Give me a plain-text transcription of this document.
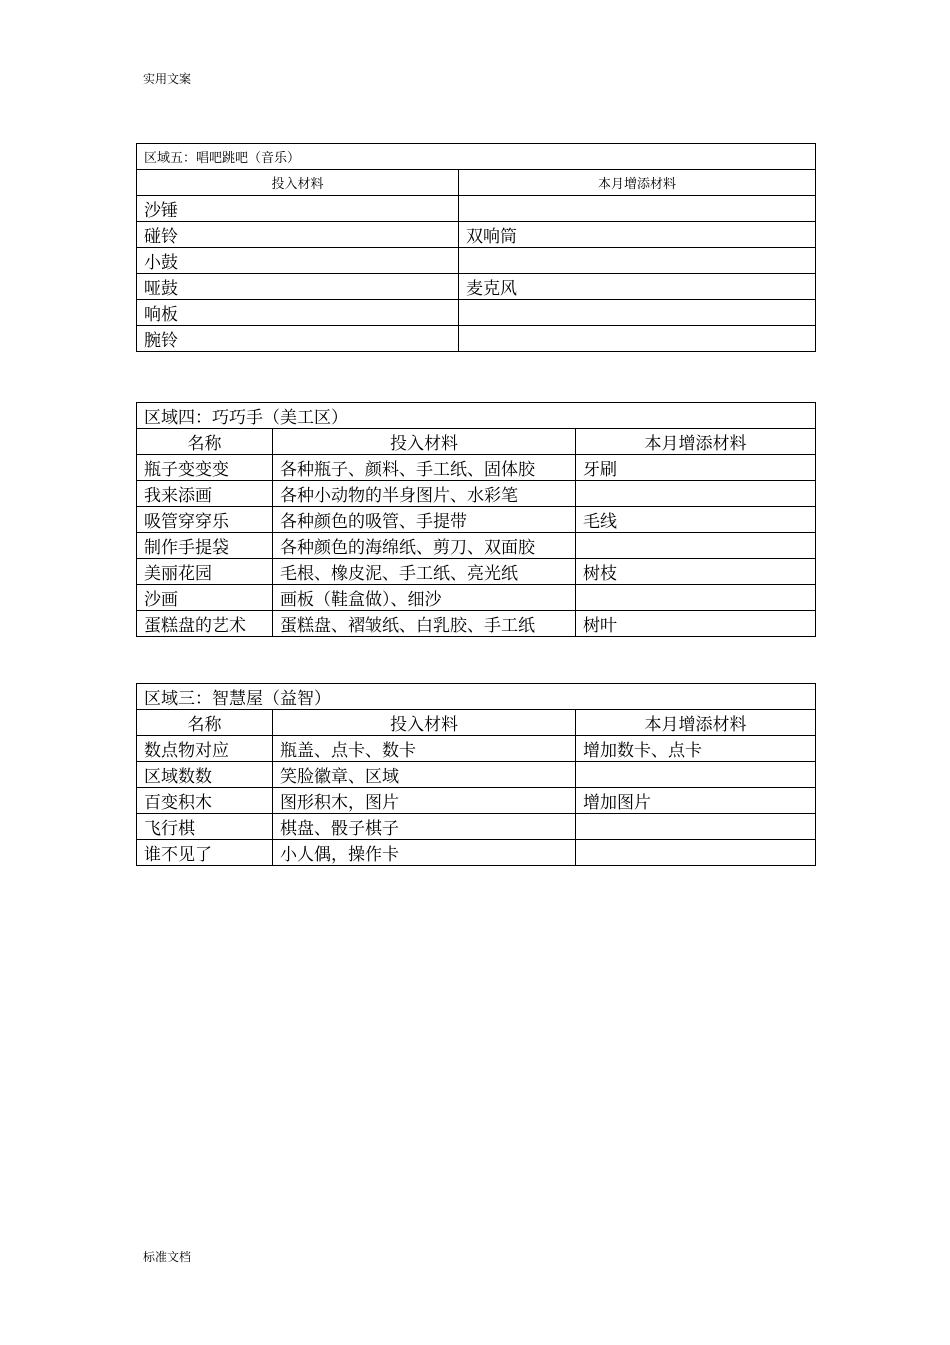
实用文案
区域五：唱吧跳吧（音乐）	
投入材料	本月增添材料
沙锤	
碰铃	双响筒
小鼓	
哑鼓	麦克风
响板	
腕铃	
区域四：巧巧手（美工区）		
名称	投入材料	本月增添材料
瓶子变变变	各种瓶子、颜料、手工纸、固体胶	牙刷
我来添画	各种小动物的半身图片、水彩笔	
吸管穿穿乐	各种颜色的吸管、手提带	毛线
制作手提袋	各种颜色的海绵纸、剪刀、双面胶	
美丽花园	毛根、橡皮泥、手工纸、亮光纸	树枝
沙画	画板（鞋盒做）、细沙	
蛋糕盘的艺术	蛋糕盘、褶皱纸、白乳胶、手工纸	树叶
区域三：智慧屋（益智）		
名称	投入材料	本月增添材料
数点物对应	瓶盖、点卡、数卡	增加数卡、点卡
区域数数	笑脸徽章、区域	
百变积木	图形积木，图片	增加图片
飞行棋	棋盘、骰子棋子	
谁不见了	小人偶，操作卡	
标准文档
